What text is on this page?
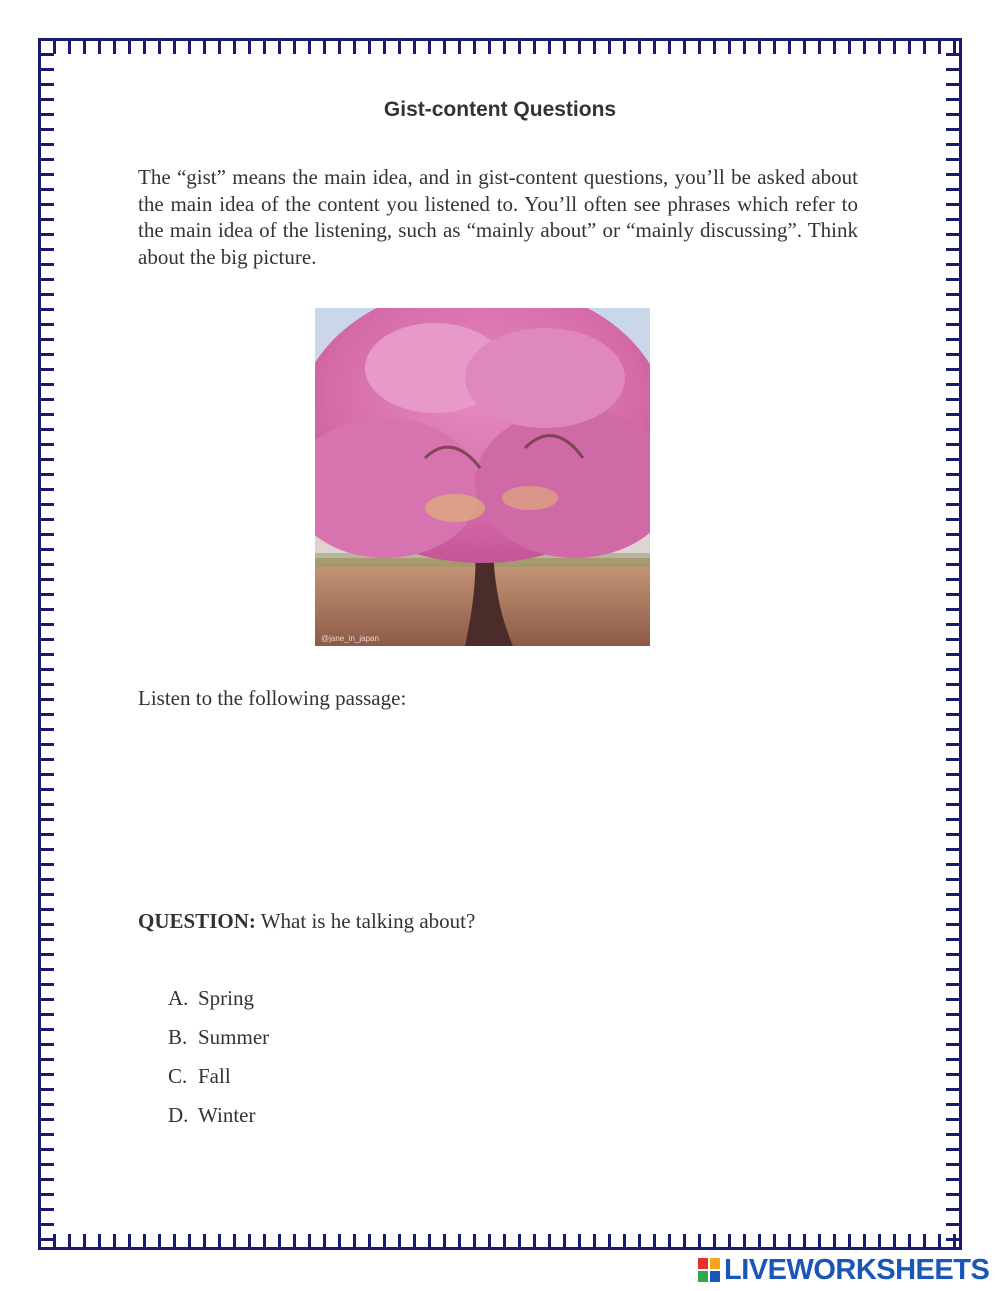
Gist-content Questions

The “gist” means the main idea, and in gist-content questions, you’ll be asked about the main idea of the content you listened to. You’ll often see phrases which refer to the main idea of the listening, such as “mainly about” or “mainly discussing”. Think about the big picture.

@jane_in_japan
Listen to the following passage:
QUESTION: What is he talking about?
A. Spring
B. Summer
C. Fall
D. Winter
LIVEWORKSHEETS
